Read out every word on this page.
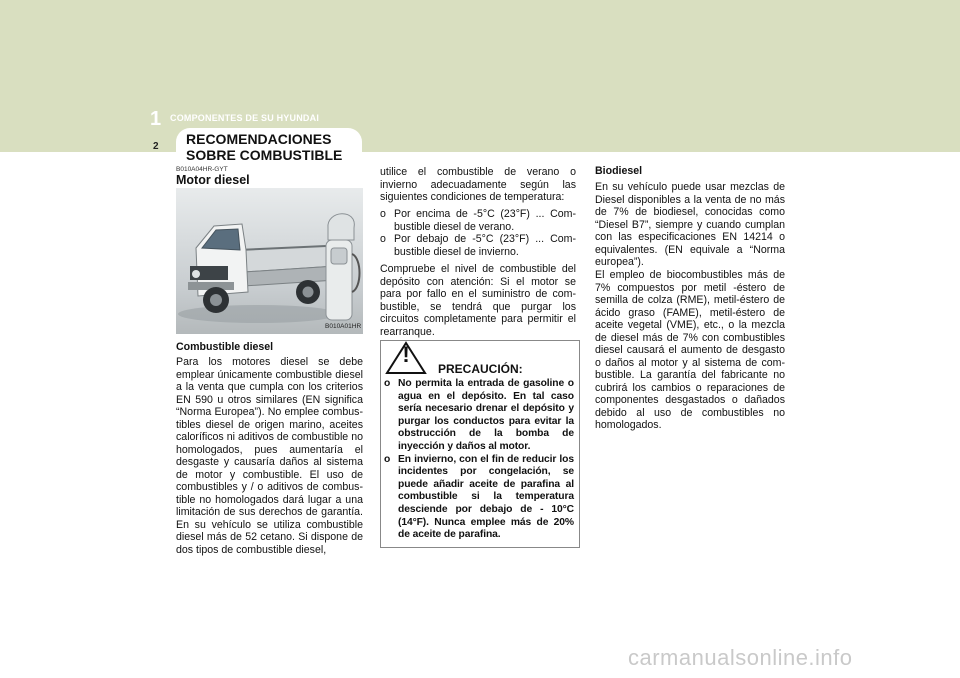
1 COMPONENTES DE SU HYUNDAI
2 RECOMENDACIONES
SOBRE COMBUSTIBLE
B010A04HR-GYT
Motor diesel
B010A01HR
Combustible diesel

Para los motores diesel se debe emplear únicamente combustible diesel a la venta que cumpla con los criterios EN 590 u otros similares (EN significa “Norma Europea”). No emplee combus-tibles diesel de origen marino, aceites caloríficos ni aditivos de combustible no homologados, pues aumentaría el desgaste y causaría daños al sistema de motor y combustible. El uso de combustibles y / o aditivos de combus-tible no homologados dará lugar a una limitación de sus derechos de garantía. En su vehículo se utiliza combustible diesel más de 52 cetano. Si dispone de dos tipos de combustible diesel,

utilice el combustible de verano o invierno adecuadamente según las siguientes condiciones de temperatura:

o Por encima de -5°C (23°F) ... Com-bustible diesel de verano.
o Por debajo de -5°C (23°F) ... Com-bustible diesel de invierno.

Compruebe el nivel de combustible del depósito con atención: Si el motor se para por fallo en el suministro de com-bustible, se tendrá que purgar los circuitos completamente para permitir el rearranque.

!
PRECAUCIÓN:
o No permita la entrada de gasoline o agua en el depósito. En tal caso sería necesario drenar el depósito y purgar los conductos para evitar la obstrucción de la bomba de inyección y daños al motor.
o En invierno, con el fin de reducir los incidentes por congelación, se puede añadir aceite de parafina al combustible si la temperatura desciende por debajo de - 10°C (14°F). Nunca emplee más de 20% de aceite de parafina.
Biodiesel

En su vehículo puede usar mezclas de Diesel disponibles a la venta de no más de 7% de biodiesel, conocidas como “Diesel B7”, siempre y cuando cumplan con las especificaciones EN 14214 o equivalentes. (EN equivale a “Norma europea”).

El empleo de biocombustibles más de 7% compuestos por metil -éstero de semilla de colza (RME), metil-éstero de ácido graso (FAME), metil-éstero de aceite vegetal (VME), etc., o la mezcla de diesel más de 7% con combustibles diesel causará el aumento de desgasto o daños al motor y al sistema de com-bustible. La garantía del fabricante no cubrirá los cambios o reparaciones de componentes desgastados o dañados debido al uso de combustibles no homologados.

carmanualsonline.info
